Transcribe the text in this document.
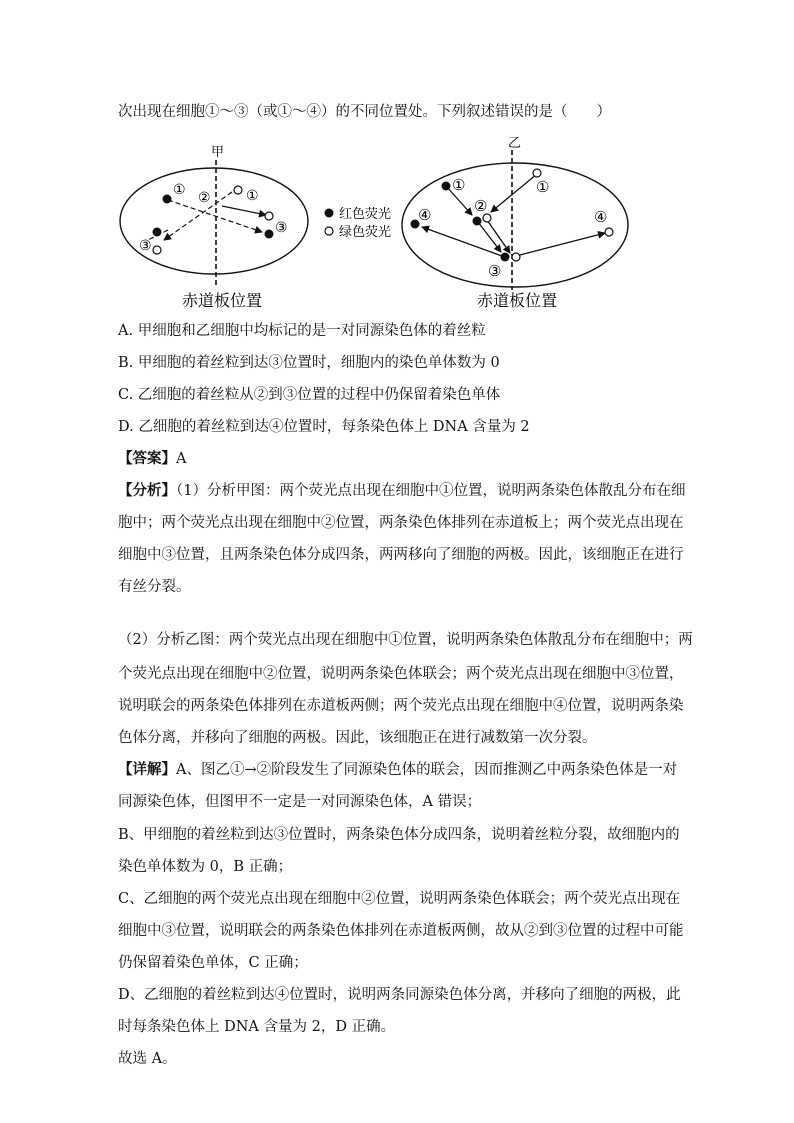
次出现在细胞①～③（或①～④）的不同位置处。下列叙述错误的是（　　）
甲
① ②
③
①
③
赤道板位置
红色荧光
绿色荧光
乙
①
②
③
④
①
④
赤道板位置
A. 甲细胞和乙细胞中均标记的是一对同源染色体的着丝粒
B. 甲细胞的着丝粒到达③位置时，细胞内的染色单体数为 0
C. 乙细胞的着丝粒从②到③位置的过程中仍保留着染色单体
D. 乙细胞的着丝粒到达④位置时，每条染色体上 DNA 含量为 2
【答案】A
【分析】（1）分析甲图：两个荧光点出现在细胞中①位置，说明两条染色体散乱分布在细
胞中；两个荧光点出现在细胞中②位置，两条染色体排列在赤道板上；两个荧光点出现在
细胞中③位置，且两条染色体分成四条，两两移向了细胞的两极。因此，该细胞正在进行
有丝分裂。
（2）分析乙图：两个荧光点出现在细胞中①位置，说明两条染色体散乱分布在细胞中；两
个荧光点出现在细胞中②位置，说明两条染色体联会；两个荧光点出现在细胞中③位置，
说明联会的两条染色体排列在赤道板两侧；两个荧光点出现在细胞中④位置，说明两条染
色体分离，并移向了细胞的两极。因此，该细胞正在进行减数第一次分裂。
【详解】A、图乙①→②阶段发生了同源染色体的联会，因而推测乙中两条染色体是一对
同源染色体，但图甲不一定是一对同源染色体，A 错误；
B、甲细胞的着丝粒到达③位置时，两条染色体分成四条，说明着丝粒分裂，故细胞内的
染色单体数为 0，B 正确；
C、乙细胞的两个荧光点出现在细胞中②位置，说明两条染色体联会；两个荧光点出现在
细胞中③位置，说明联会的两条染色体排列在赤道板两侧，故从②到③位置的过程中可能
仍保留着染色单体，C 正确；
D、乙细胞的着丝粒到达④位置时，说明两条同源染色体分离，并移向了细胞的两极，此
时每条染色体上 DNA 含量为 2，D 正确。
故选 A。
